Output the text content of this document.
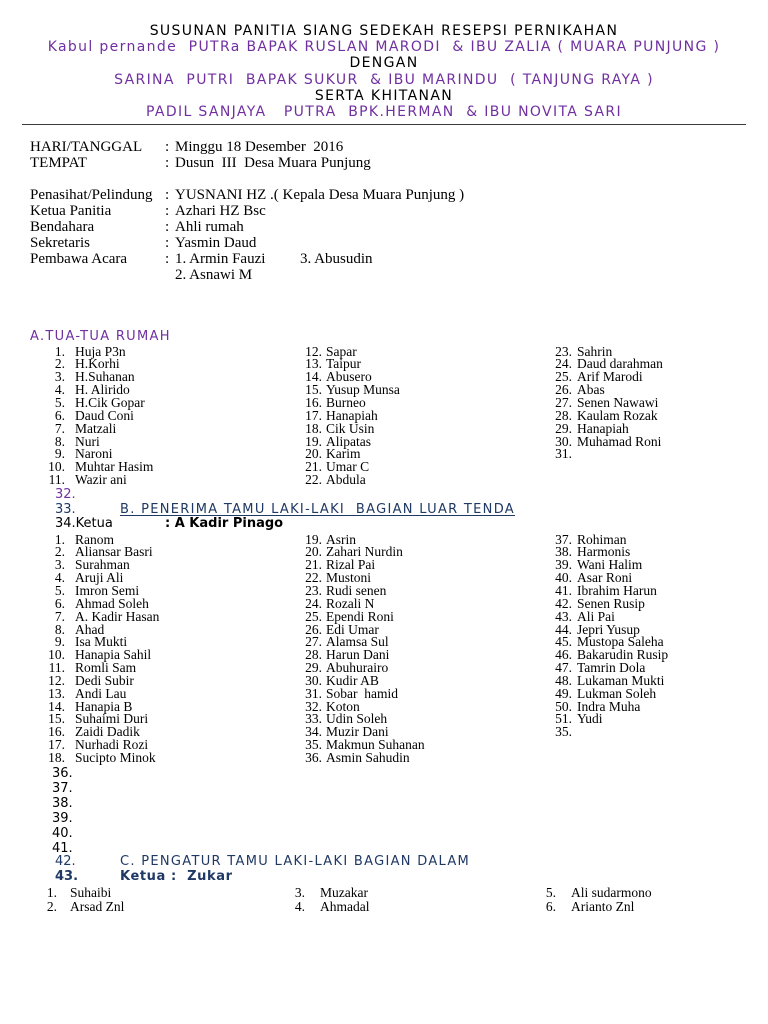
SUSUNAN PANITIA SIANG SEDEKAH RESEPSI PERNIKAHAN
Kabul pernande  PUTRa BAPAK RUSLAN MARODI  & IBU ZALIA ( MUARA PUNJUNG )
DENGAN
SARINA  PUTRI  BAPAK SUKUR  & IBU MARINDU  ( TANJUNG RAYA )
SERTA KHITANAN
PADIL SANJAYA   PUTRA  BPK.HERMAN  & IBU NOVITA SARI
HARI/TANGGAL : Minggu 18 Desember  2016
TEMPAT	: Dusun  III  Desa Muara Punjung
Penasihat/Pelindung : YUSNANI HZ .( Kepala Desa Muara Punjung )
Ketua Panitia	: Azhari HZ Bsc
Bendahara	: Ahli rumah
Sekretaris	: Yasmin Daud
Pembawa Acara	: 1. Armin Fauzi 3. Abusudin
2. Asnawi M
A.TUA-TUA RUMAH
1. Huja P3n
2. H.Korhi
3. H.Suhanan
4. H. Alirido
5. H.Cik Gopar
6. Daud Coni
7. Matzali
8. Nuri
9. Naroni
10. Muhtar Hasim
11. Wazir ani
12. Sapar
13. Taipur
14. Abusero
15. Yusup Munsa
16. Burneo
17. Hanapiah
18. Cik Usin
19. Alipatas
20. Karim
21. Umar C
22. Abdula
23. Sahrin
24. Daud darahman
25. Arif Marodi
26. Abas
27. Senen Nawawi
28. Kaulam Rozak
29. Hanapiah
30. Muhamad Roni
31.
32.
33.	B. PENERIMA TAMU LAKI-LAKI  BAGIAN LUAR TENDA
34.Ketua	: A Kadir Pinago
1. Ranom
2. Aliansar Basri
3. Surahman
4. Aruji Ali
5. Imron Semi
6. Ahmad Soleh
7. A. Kadir Hasan
8. Ahad
9. Isa Mukti
10. Hanapia Sahil
11. Romli Sam
12. Dedi Subir
13. Andi Lau
14. Hanapia B
15. Suhaimi Duri
16. Zaidi Dadik
17. Nurhadi Rozi
18. Sucipto Minok
19. Asrin
20. Zahari Nurdin
21. Rizal Pai
22. Mustoni
23. Rudi senen
24. Rozali N
25. Ependi Roni
26. Edi Umar
27. Alamsa Sul
28. Harun Dani
29. Abuhurairo
30. Kudir AB
31. Sobar  hamid
32. Koton
33. Udin Soleh
34. Muzir Dani
35. Makmun Suhanan
36. Asmin Sahudin
37. Rohiman
38. Harmonis
39. Wani Halim
40. Asar Roni
41. Ibrahim Harun
42. Senen Rusip
43. Ali Pai
44. Jepri Yusup
45. Mustopa Saleha
46. Bakarudin Rusip
47. Tamrin Dola
48. Lukaman Mukti
49. Lukman Soleh
50. Indra Muha
51. Yudi
35.
36.
37.
38.
39.
40.
41.
42.	C. PENGATUR TAMU LAKI-LAKI BAGIAN DALAM
43.	Ketua :  Zukar
1. Suhaibi
2. Arsad Znl
3. Muzakar
4. Ahmadal
5. Ali sudarmono
6. Arianto Znl
